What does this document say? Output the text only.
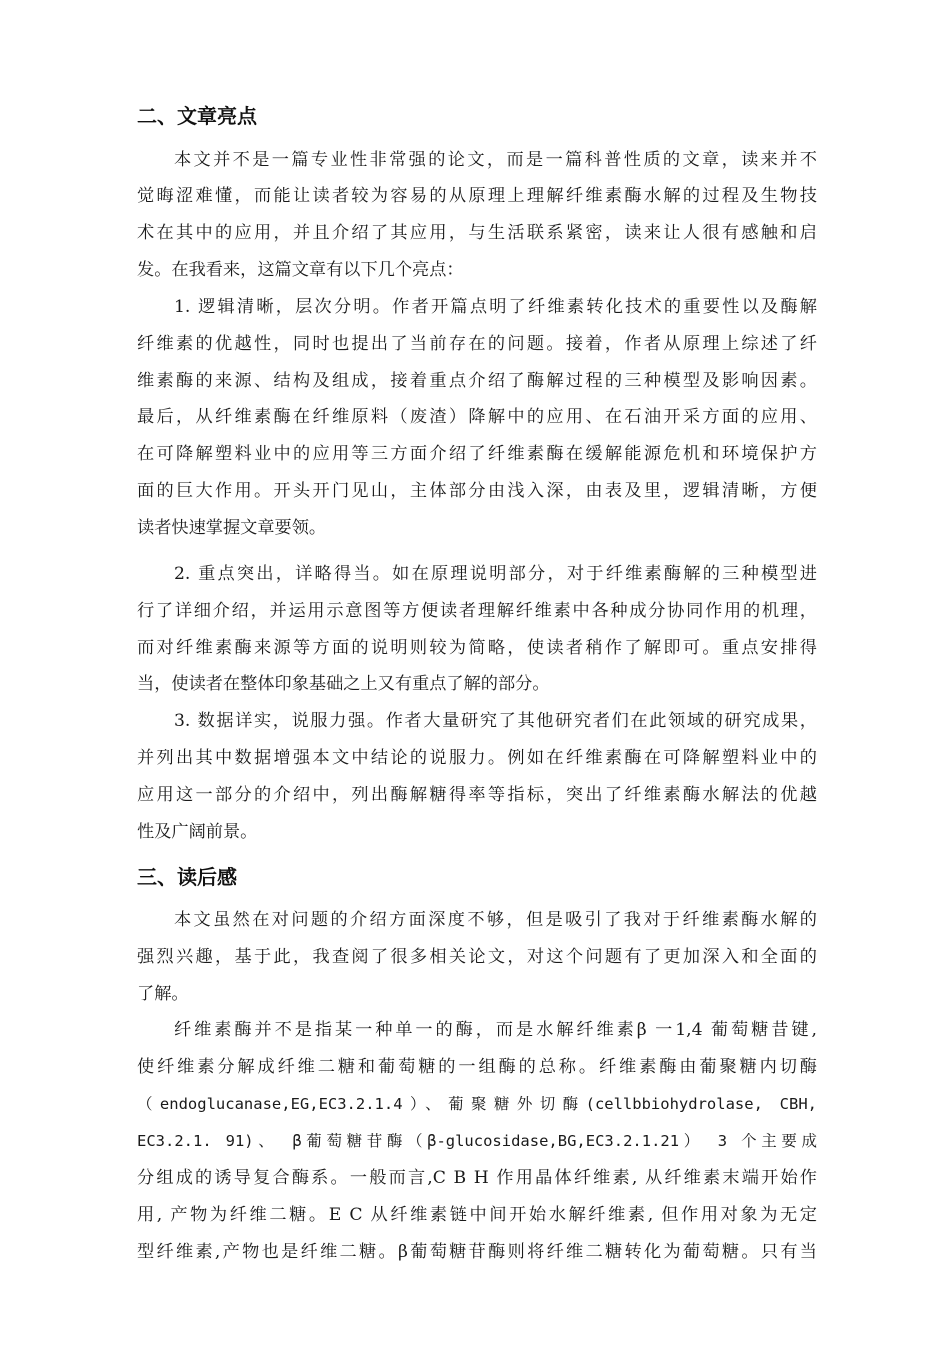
二、文章亮点
本文并不是一篇专业性非常强的论文，而是一篇科普性质的文章，读来并不
觉晦涩难懂，而能让读者较为容易的从原理上理解纤维素酶水解的过程及生物技
术在其中的应用，并且介绍了其应用，与生活联系紧密，读来让人很有感触和启
发。在我看来，这篇文章有以下几个亮点：
1. 逻辑清晰，层次分明。作者开篇点明了纤维素转化技术的重要性以及酶解
纤维素的优越性，同时也提出了当前存在的问题。接着，作者从原理上综述了纤
维素酶的来源、结构及组成，接着重点介绍了酶解过程的三种模型及影响因素。
最后，从纤维素酶在纤维原料（废渣）降解中的应用、在石油开采方面的应用、
在可降解塑料业中的应用等三方面介绍了纤维素酶在缓解能源危机和环境保护方
面的巨大作用。开头开门见山，主体部分由浅入深，由表及里，逻辑清晰，方便
读者快速掌握文章要领。
2. 重点突出，详略得当。如在原理说明部分，对于纤维素酶解的三种模型进
行了详细介绍，并运用示意图等方便读者理解纤维素中各种成分协同作用的机理，
而对纤维素酶来源等方面的说明则较为简略，使读者稍作了解即可。重点安排得
当，使读者在整体印象基础之上又有重点了解的部分。
3. 数据详实，说服力强。作者大量研究了其他研究者们在此领域的研究成果，
并列出其中数据增强本文中结论的说服力。例如在纤维素酶在可降解塑料业中的
应用这一部分的介绍中，列出酶解糖得率等指标，突出了纤维素酶水解法的优越
性及广阔前景。
三、读后感
本文虽然在对问题的介绍方面深度不够，但是吸引了我对于纤维素酶水解的
强烈兴趣，基于此，我查阅了很多相关论文，对这个问题有了更加深入和全面的
了解。
纤维素酶并不是指某一种单一的酶，而是水解纤维素β 一1,4 葡萄糖昔键,
使纤维素分解成纤维二糖和葡萄糖的一组酶的总称。纤维素酶由葡聚糖内切酶
（endoglucanase,EG,EC3.2.1.4）、葡聚糖外切酶(cellbbiohydrolase, CBH,
EC3.2.1. 91)、 β葡萄糖苷酶（β-glucosidase,BG,EC3.2.1.21） 3 个主要成
分组成的诱导复合酶系。一般而言,C B H 作用晶体纤维素, 从纤维素末端开始作
用, 产物为纤维二糖。E C 从纤维素链中间开始水解纤维素, 但作用对象为无定
型纤维素,产物也是纤维二糖。β葡萄糖苷酶则将纤维二糖转化为葡萄糖。只有当
